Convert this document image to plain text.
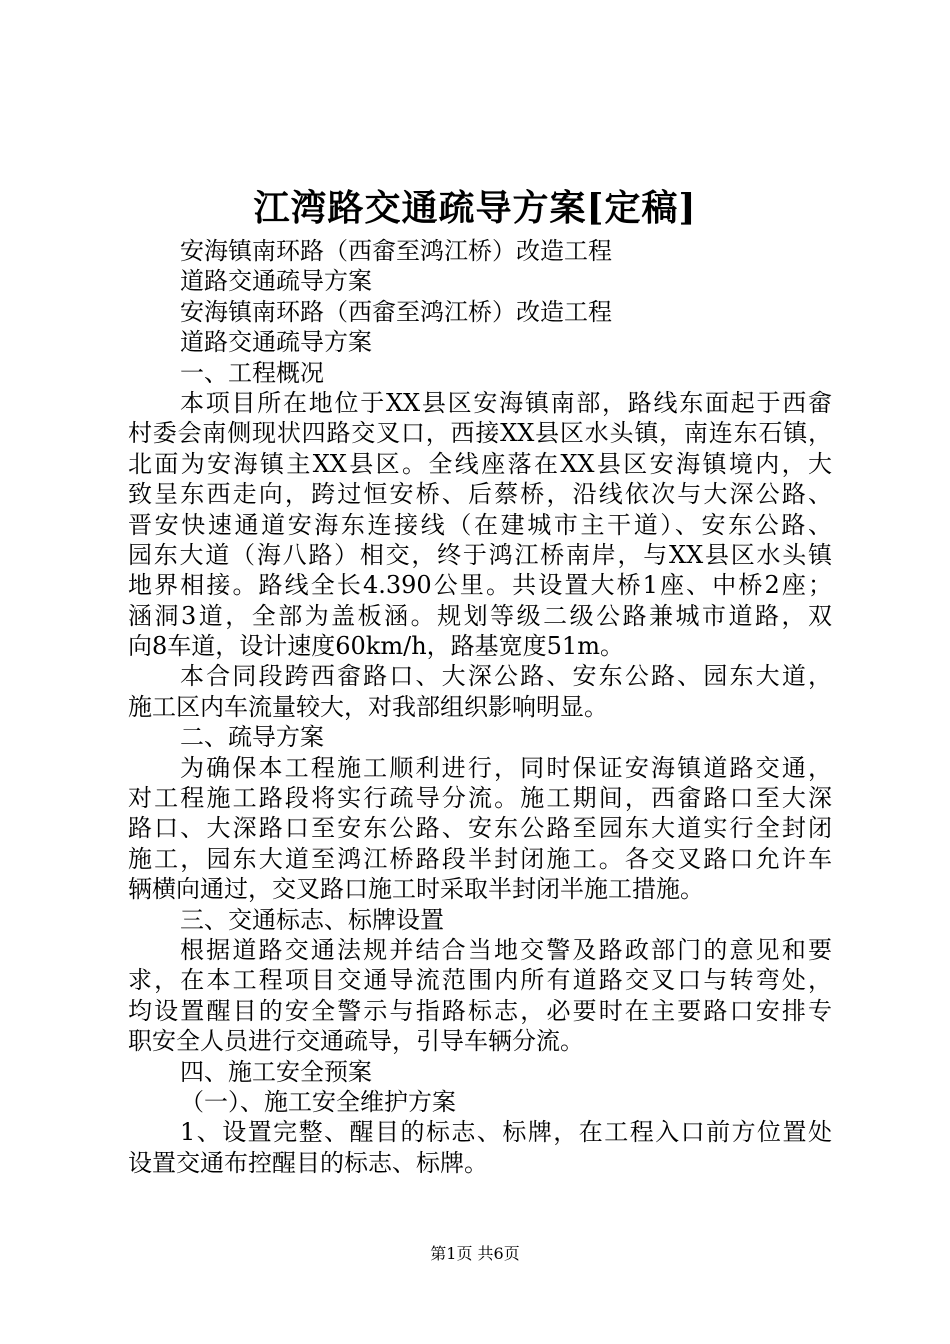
江湾路交通疏导方案[定稿]
安海镇南环路（西畲至鸿江桥）改造工程
道路交通疏导方案
安海镇南环路（西畲至鸿江桥）改造工程
道路交通疏导方案
一、工程概况
本项目所在地位于XX县区安海镇南部，路线东面起于西畲
村委会南侧现状四路交叉口，西接XX县区水头镇，南连东石镇，
北面为安海镇主XX县区。全线座落在XX县区安海镇境内，大
致呈东西走向，跨过恒安桥、后蔡桥，沿线依次与大深公路、
晋安快速通道安海东连接线（在建城市主干道）、安东公路、
园东大道（海八路）相交，终于鸿江桥南岸，与XX县区水头镇
地界相接。路线全长4.390公里。共设置大桥1座、中桥2座；
涵洞3道，全部为盖板涵。规划等级二级公路兼城市道路，双
向8车道，设计速度60km/h，路基宽度51m。
本合同段跨西畲路口、大深公路、安东公路、园东大道，
施工区内车流量较大，对我部组织影响明显。
二、疏导方案
为确保本工程施工顺利进行，同时保证安海镇道路交通，
对工程施工路段将实行疏导分流。施工期间，西畲路口至大深
路口、大深路口至安东公路、安东公路至园东大道实行全封闭
施工，园东大道至鸿江桥路段半封闭施工。各交叉路口允许车
辆横向通过，交叉路口施工时采取半封闭半施工措施。
三、交通标志、标牌设置
根据道路交通法规并结合当地交警及路政部门的意见和要
求，在本工程项目交通导流范围内所有道路交叉口与转弯处，
均设置醒目的安全警示与指路标志，必要时在主要路口安排专
职安全人员进行交通疏导，引导车辆分流。
四、施工安全预案
（一）、施工安全维护方案
1、设置完整、醒目的标志、标牌，在工程入口前方位置处
设置交通布控醒目的标志、标牌。
第1页 共6页
